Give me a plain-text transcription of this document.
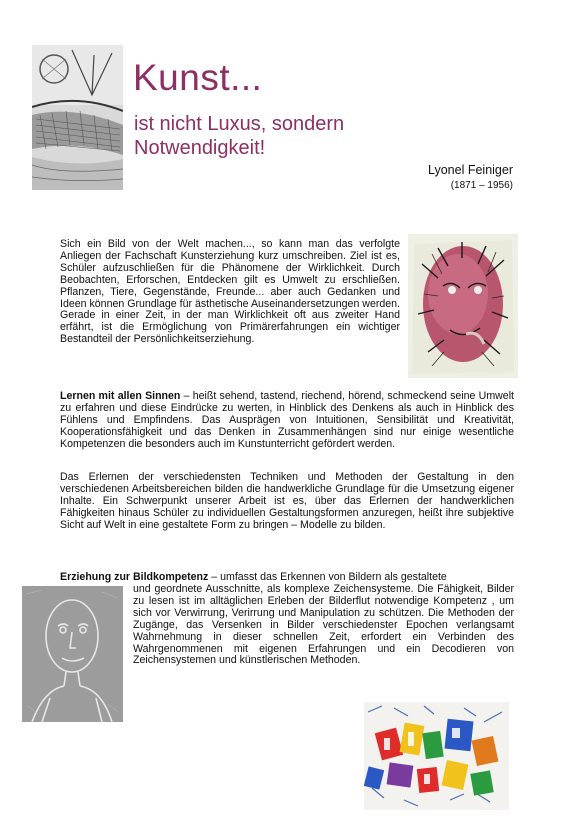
Kunst...
ist nicht Luxus, sondern
Notwendigkeit!
Lyonel Feiniger
(1871 – 1956)
Sich ein Bild von der Welt machen..., so kann man das verfolgte Anliegen der Fachschaft Kunsterziehung kurz umschreiben. Ziel ist es, Schüler aufzuschließen für die Phänomene der Wirklichkeit. Durch Beobachten, Erforschen, Entdecken gilt es Umwelt zu erschließen. Pflanzen, Tiere, Gegenstände, Freunde... aber auch Gedanken und Ideen können Grundlage für ästhetische Auseinandersetzungen werden. Gerade in einer Zeit, in der man Wirklichkeit oft aus zweiter Hand erfährt, ist die Ermöglichung von Primärerfahrungen ein wichtiger Bestandteil der Persönlichkeitserziehung.
Lernen mit allen Sinnen – heißt sehend, tastend, riechend, hörend, schmeckend seine Umwelt zu erfahren und diese Eindrücke zu werten, in Hinblick des Denkens als auch in Hinblick des Fühlens und Empfindens. Das Ausprägen von Intuitionen, Sensibilität und Kreativität, Kooperationsfähigkeit und das Denken in Zusammenhängen sind nur einige wesentliche Kompetenzen die besonders auch im Kunstunterricht gefördert werden.
Das Erlernen der verschiedensten Techniken und Methoden der Gestaltung in den verschiedenen Arbeitsbereichen bilden die handwerkliche Grundlage für die Umsetzung eigener Inhalte. Ein Schwerpunkt unserer Arbeit ist es, über das Erlernen der handwerklichen Fähigkeiten hinaus Schüler zu individuellen Gestaltungsformen anzuregen, heißt ihre subjektive Sicht auf Welt in eine gestaltete Form zu bringen – Modelle zu bilden.
Erziehung zur Bildkompetenz – umfasst das Erkennen von Bildern als gestaltete
und geordnete Ausschnitte, als komplexe Zeichensysteme. Die Fähigkeit, Bilder zu lesen ist im alltäglichen Erleben der Bilderflut notwendige Kompetenz , um sich vor Verwirrung, Verirrung und Manipulation zu schützen. Die Methoden der Zugänge, das Versenken in Bilder verschiedenster Epochen verlangsamt Wahrnehmung in dieser schnellen Zeit, erfordert ein Verbinden des Wahrgenommenen mit eigenen Erfahrungen und ein Decodieren von Zeichensystemen und künstlerischen Methoden.
